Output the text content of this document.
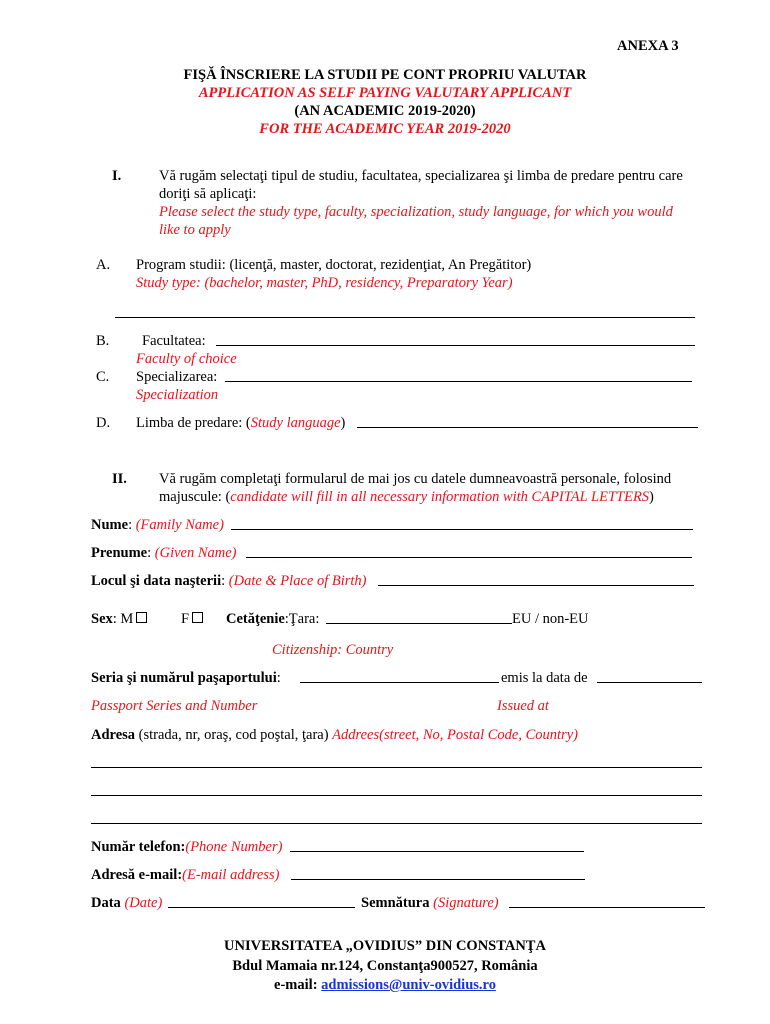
ANEXA 3
FIŞĂ ÎNSCRIERE LA STUDII PE CONT PROPRIU VALUTAR
APPLICATION AS SELF PAYING VALUTARY APPLICANT
(AN ACADEMIC 2019-2020)
FOR THE ACADEMIC YEAR 2019-2020
I.	Vă rugăm selectaţi tipul de studiu, facultatea, specializarea şi limba de predare pentru care
doriţi să aplicaţi:
Please select the study type, faculty, specialization, study language, for which you would
like to apply
A. Program studii: (licenţă, master, doctorat, rezidenţiat, An Pregătitor)
Study type: (bachelor, master, PhD, residency, Preparatory Year)
B. Facultatea:
Faculty of choice
C. Specializarea:
Specialization
D. Limba de predare: (Study language)
II. Vă rugăm completaţi formularul de mai jos cu datele dumneavoastră personale, folosind
majuscule: (candidate will fill in all necessary information with CAPITAL LETTERS)
Nume: (Family Name)
Prenume: (Given Name)
Locul şi data naşterii: (Date & Place of Birth)
Sex: M	F	Cetăţenie:Ţara:	EU / non-EU
Citizenship: Country
Seria şi numărul paşaportului:	emis la data de
Passport Series and Number	Issued at
Adresa (strada, nr, oraş, cod poştal, ţara) Addrees(street, No, Postal Code, Country)
Număr telefon:(Phone Number)
Adresă e-mail:(E-mail address)
Data (Date)	Semnătura (Signature)
UNIVERSITATEA „OVIDIUS” DIN CONSTANŢA
Bdul Mamaia nr.124, Constanţa900527, România
e-mail: admissions@univ-ovidius.ro
